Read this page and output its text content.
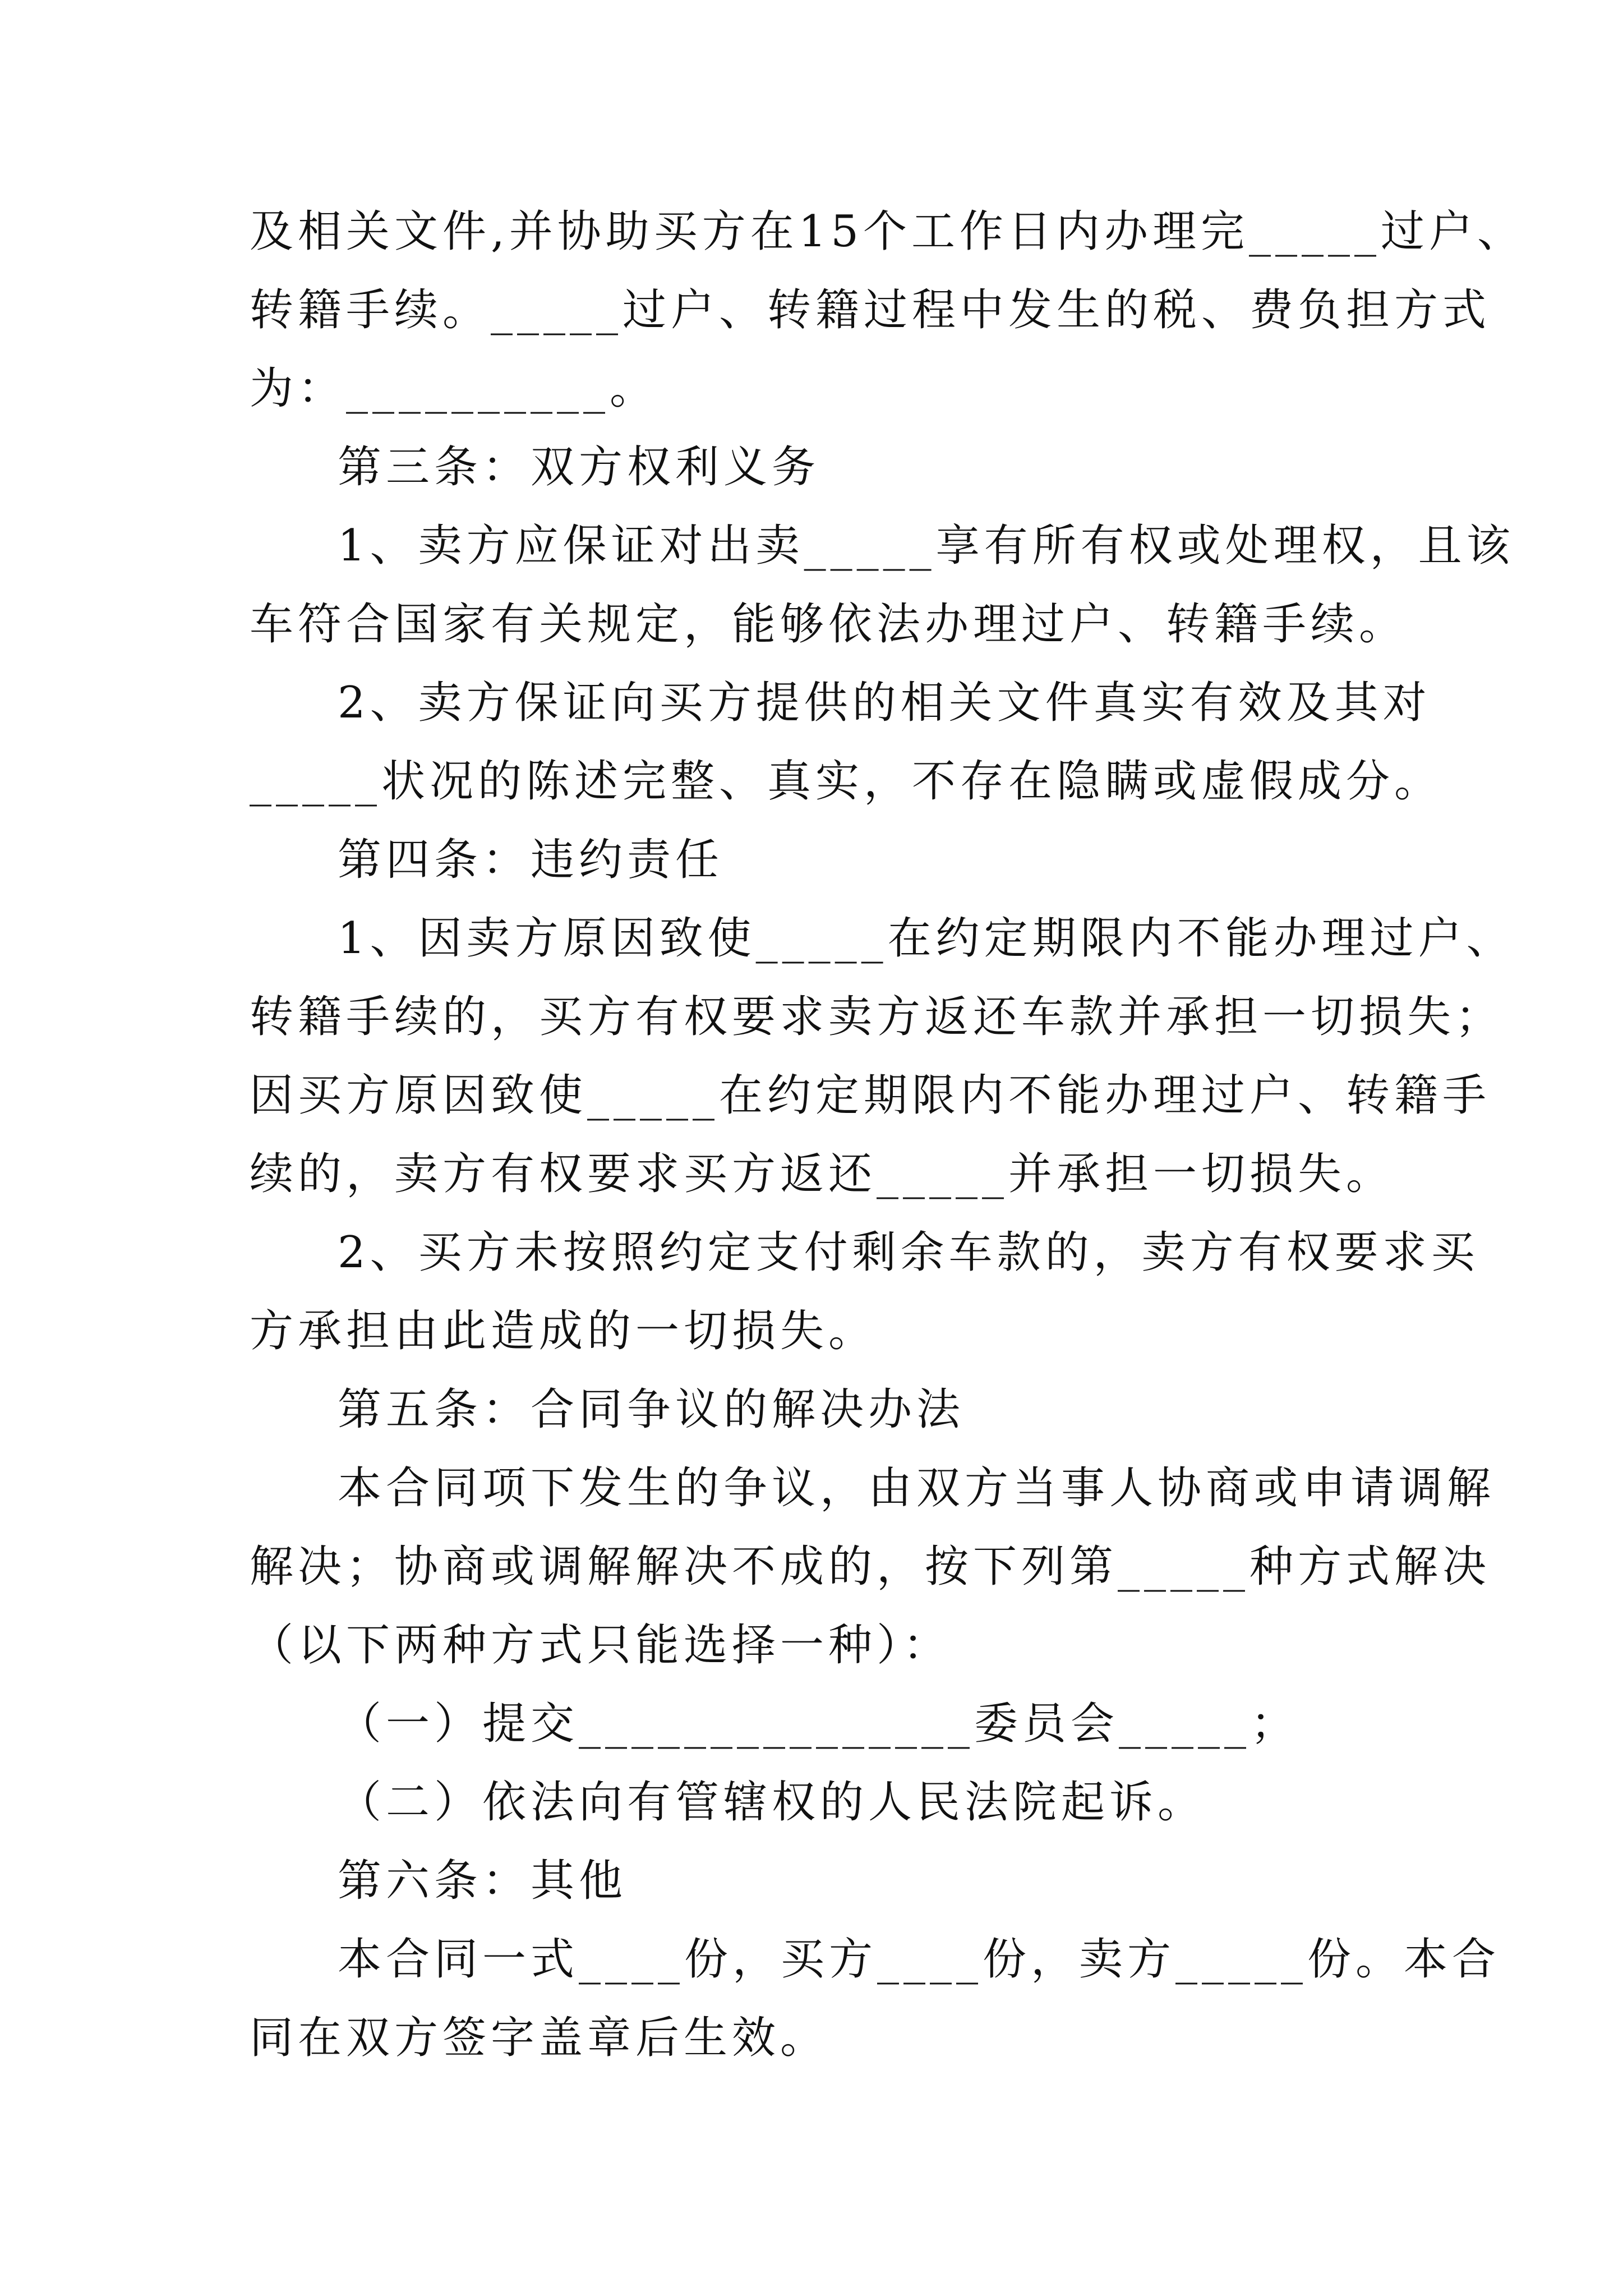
及相关文件,并协助买方在15个工作日内办理完_____过户、

转籍手续。_____过户、转籍过程中发生的税、费负担方式

为：__________。

第三条：双方权利义务

1、卖方应保证对出卖_____享有所有权或处理权，且该

车符合国家有关规定，能够依法办理过户、转籍手续。

2、卖方保证向买方提供的相关文件真实有效及其对

_____状况的陈述完整、真实，不存在隐瞒或虚假成分。

第四条：违约责任

1、因卖方原因致使_____在约定期限内不能办理过户、

转籍手续的，买方有权要求卖方返还车款并承担一切损失；

因买方原因致使_____在约定期限内不能办理过户、转籍手

续的，卖方有权要求买方返还_____并承担一切损失。

2、买方未按照约定支付剩余车款的，卖方有权要求买

方承担由此造成的一切损失。

第五条：合同争议的解决办法

本合同项下发生的争议，由双方当事人协商或申请调解

解决；协商或调解解决不成的，按下列第_____种方式解决

（以下两种方式只能选择一种）：

（一）提交_______________委员会_____；

（二）依法向有管辖权的人民法院起诉。

第六条：其他

本合同一式____份，买方____份，卖方_____份。本合

同在双方签字盖章后生效。
